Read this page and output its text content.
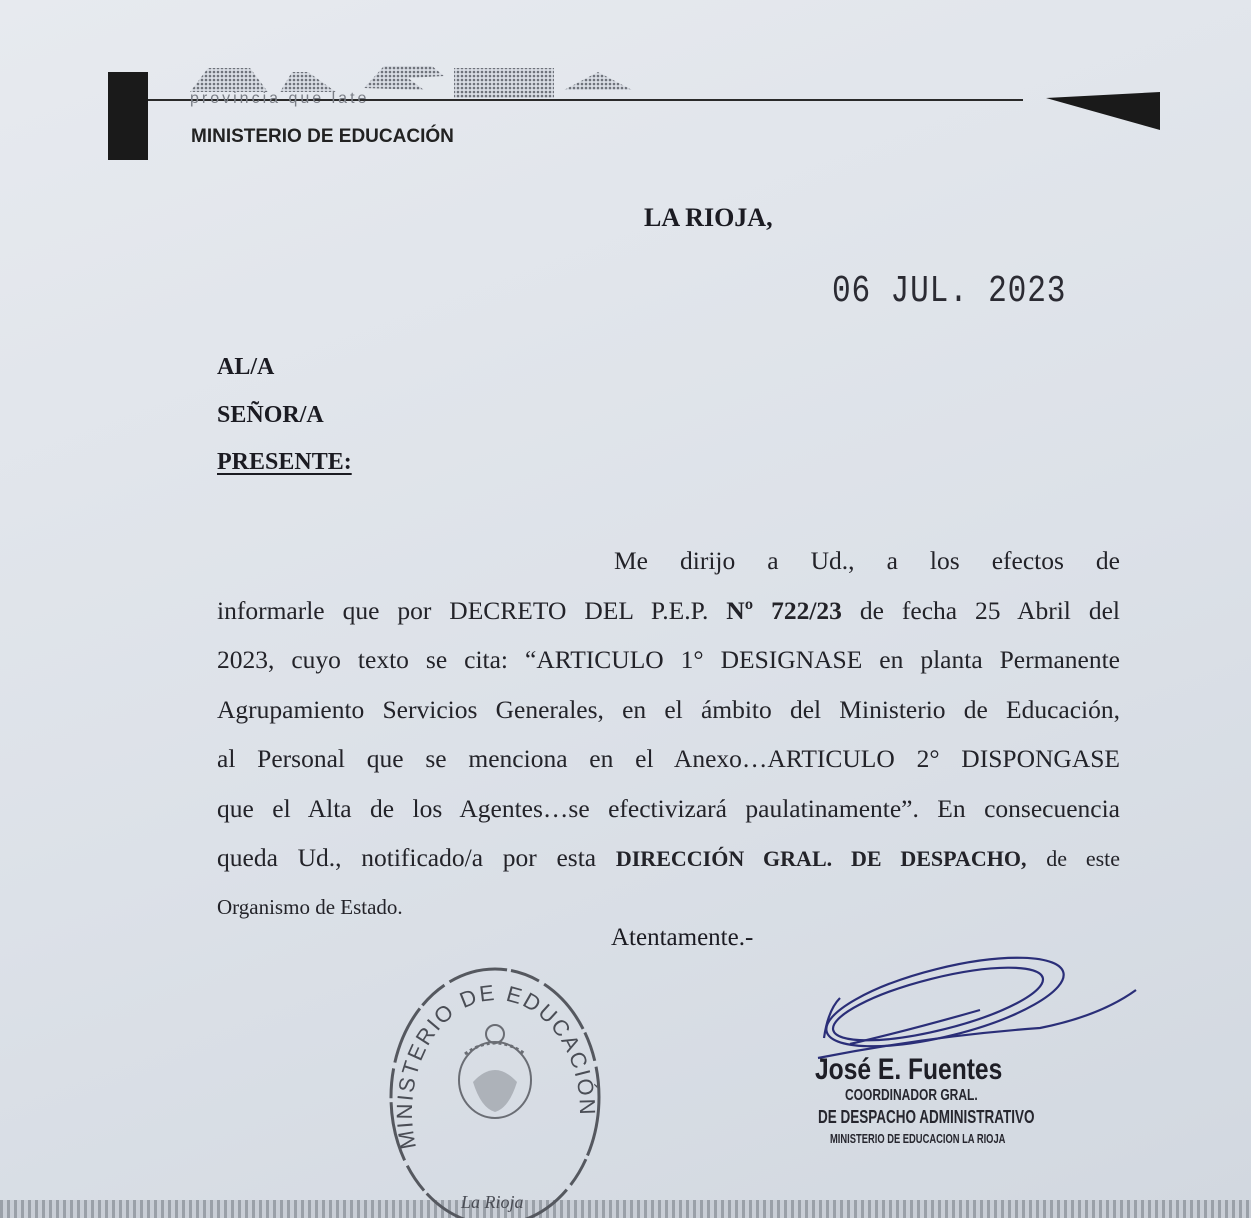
provincia que late
MINISTERIO DE EDUCACIÓN
LA RIOJA,
06 JUL. 2023
AL/A
SEÑOR/A
PRESENTE:
Me dirijo a Ud., a los efectos de
informarle que por DECRETO DEL P.E.P. Nº 722/23 de fecha 25 Abril del
2023, cuyo texto se cita: “ARTICULO 1° DESIGNASE en planta Permanente
Agrupamiento Servicios Generales, en el ámbito del Ministerio de Educación,
al Personal que se menciona en el Anexo…ARTICULO 2° DISPONGASE
que el Alta de los Agentes…se efectivizará paulatinamente”. En consecuencia
queda Ud., notificado/a por esta DIRECCIÓN GRAL. DE DESPACHO, de este
Organismo de Estado.
Atentamente.-
MINISTERIO DE EDUCACIÓN
La Rioja
José E. Fuentes
COORDINADOR GRAL.
DE DESPACHO ADMINISTRATIVO
MINISTERIO DE EDUCACION LA RIOJA
